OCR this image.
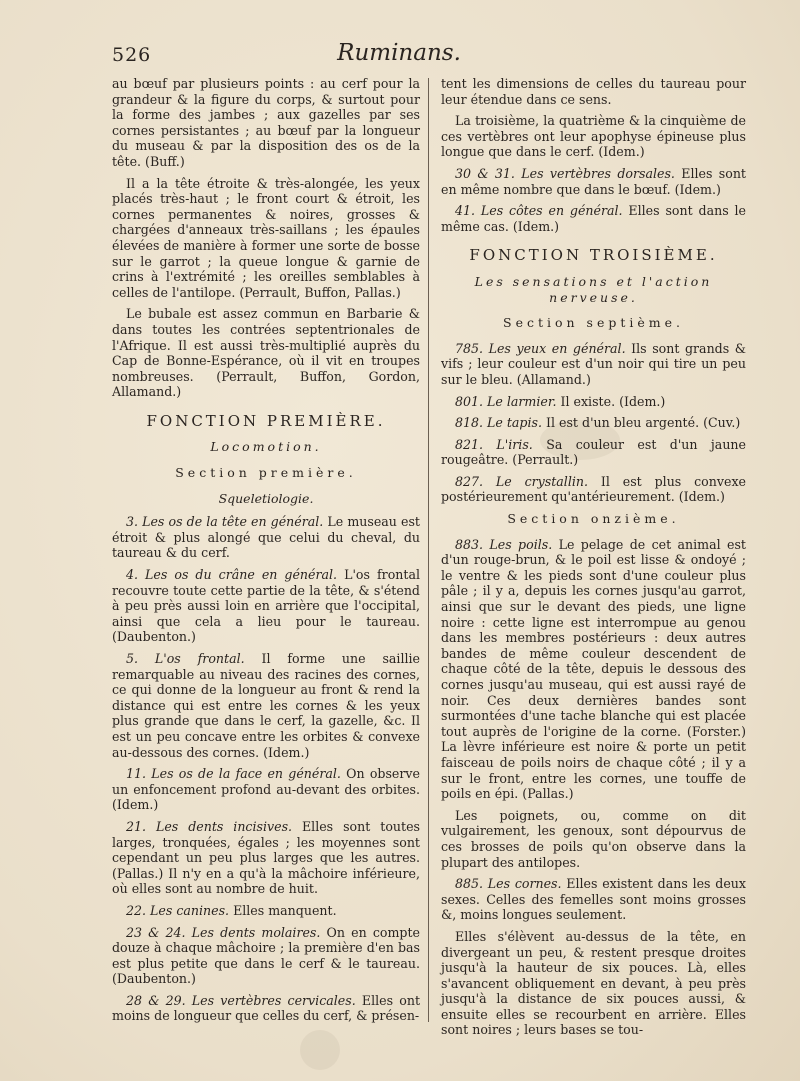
526	Ruminans.

au bœuf par plusieurs points : au cerf pour la grandeur & la figure du corps, & surtout pour la forme des jambes ; aux gazelles par ses cornes persistantes ; au bœuf par la longueur du museau & par la disposition des os de la tête. (Buff.)

Il a la tête étroite & très-alongée, les yeux placés très-haut ; le front court & étroit, les cornes permanentes & noires, grosses & chargées d'anneaux très-saillans ; les épaules élevées de manière à former une sorte de bosse sur le garrot ; la queue longue & garnie de crins à l'extrémité ; les oreilles semblables à celles de l'antilope. (Perrault, Buffon, Pallas.)

Le bubale est assez commun en Barbarie & dans toutes les contrées septentrionales de l'Afrique. Il est aussi très-multiplié auprès du Cap de Bonne-Espérance, où il vit en troupes nombreuses. (Perrault, Buffon, Gordon, Allamand.)

FONCTION PREMIÈRE.
Locomotion.
Section première.
Squeletiologie.

3. Les os de la tête en général. Le museau est étroit & plus alongé que celui du cheval, du taureau & du cerf.

4. Les os du crâne en général. L'os frontal recouvre toute cette partie de la tête, & s'étend à peu près aussi loin en arrière que l'occipital, ainsi que cela a lieu pour le taureau. (Daubenton.)

5. L'os frontal. Il forme une saillie remarquable au niveau des racines des cornes, ce qui donne de la longueur au front & rend la distance qui est entre les cornes & les yeux plus grande que dans le cerf, la gazelle, &c. Il est un peu concave entre les orbites & convexe au-dessous des cornes. (Idem.)

11. Les os de la face en général. On observe un enfoncement profond au-devant des orbites. (Idem.)

21. Les dents incisives. Elles sont toutes larges, tronquées, égales ; les moyennes sont cependant un peu plus larges que les autres. (Pallas.) Il n'y en a qu'à la mâchoire inférieure, où elles sont au nombre de huit.

22. Les canines. Elles manquent.

23 & 24. Les dents molaires. On en compte douze à chaque mâchoire ; la première d'en bas est plus petite que dans le cerf & le taureau. (Daubenton.)

28 & 29. Les vertèbres cervicales. Elles ont moins de longueur que celles du cerf, & présen-

tent les dimensions de celles du taureau pour leur étendue dans ce sens.

La troisième, la quatrième & la cinquième de ces vertèbres ont leur apophyse épineuse plus longue que dans le cerf. (Idem.)

30 & 31. Les vertèbres dorsales. Elles sont en même nombre que dans le bœuf. (Idem.)

41. Les côtes en général. Elles sont dans le même cas. (Idem.)

FONCTION TROISIÈME.
Les sensations et l'action nerveuse.
Section septième.

785. Les yeux en général. Ils sont grands & vifs ; leur couleur est d'un noir qui tire un peu sur le bleu. (Allamand.)

801. Le larmier. Il existe. (Idem.)

818. Le tapis. Il est d'un bleu argenté. (Cuv.)

821. L'iris. Sa couleur est d'un jaune rougeâtre. (Perrault.)

827. Le crystallin. Il est plus convexe postérieurement qu'antérieurement. (Idem.)

Section onzième.

883. Les poils. Le pelage de cet animal est d'un rouge-brun, & le poil est lisse & ondoyé ; le ventre & les pieds sont d'une couleur plus pâle ; il y a, depuis les cornes jusqu'au garrot, ainsi que sur le devant des pieds, une ligne noire : cette ligne est interrompue au genou dans les membres postérieurs : deux autres bandes de même couleur descendent de chaque côté de la tête, depuis le dessous des cornes jusqu'au museau, qui est aussi rayé de noir. Ces deux dernières bandes sont surmontées d'une tache blanche qui est placée tout auprès de l'origine de la corne. (Forster.) La lèvre inférieure est noire & porte un petit faisceau de poils noirs de chaque côté ; il y a sur le front, entre les cornes, une touffe de poils en épi. (Pallas.)

Les poignets, ou, comme on dit vulgairement, les genoux, sont dépourvus de ces brosses de poils qu'on observe dans la plupart des antilopes.

885. Les cornes. Elles existent dans les deux sexes. Celles des femelles sont moins grosses &, moins longues seulement.

Elles s'élèvent au-dessus de la tête, en divergeant un peu, & restent presque droites jusqu'à la hauteur de six pouces. Là, elles s'avancent obliquement en devant, à peu près jusqu'à la distance de six pouces aussi, & ensuite elles se recourbent en arrière. Elles sont noires ; leurs bases se tou-
